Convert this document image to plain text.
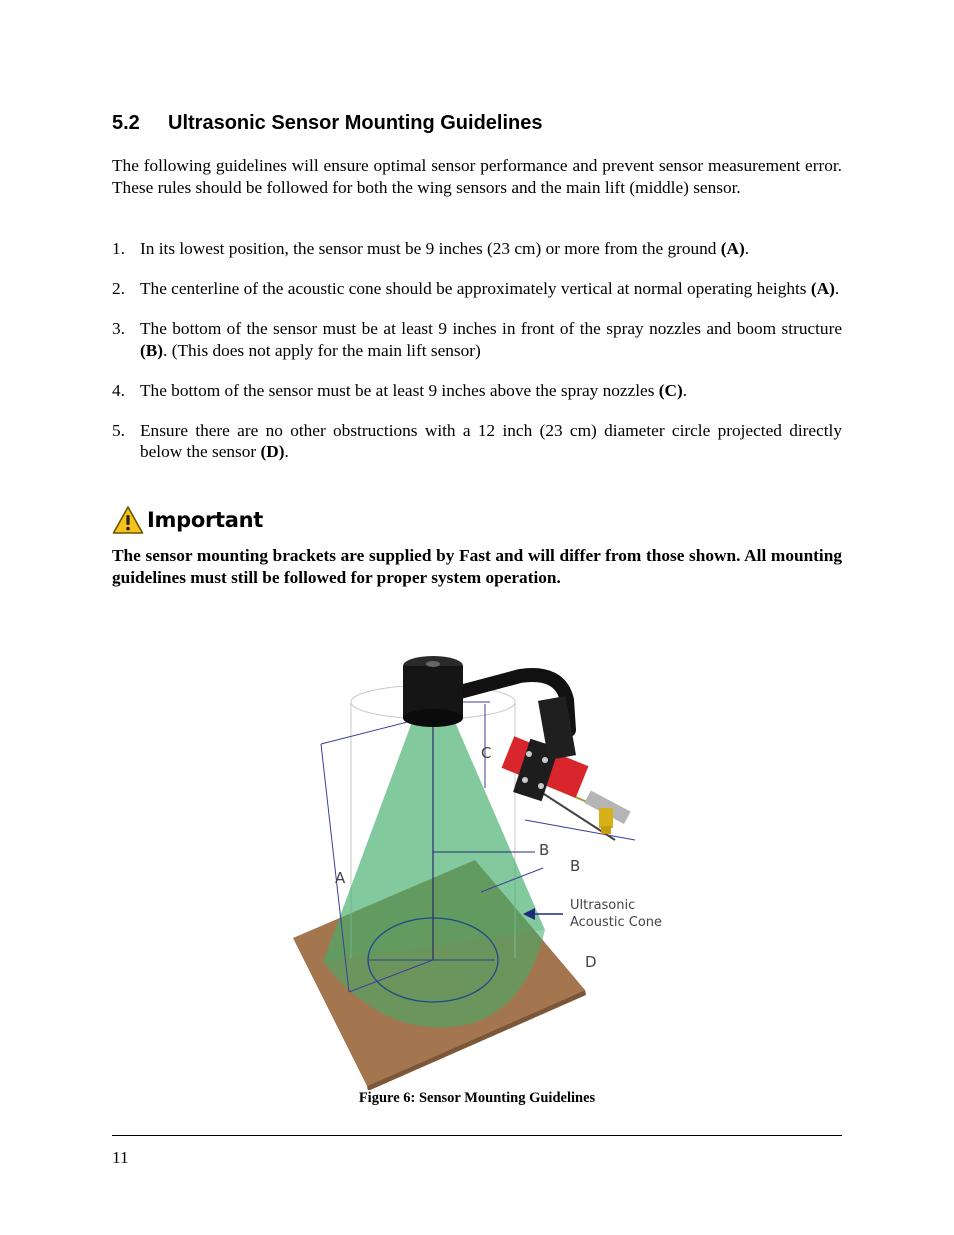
5.2 Ultrasonic Sensor Mounting Guidelines
The following guidelines will ensure optimal sensor performance and prevent sensor measurement error. These rules should be followed for both the wing sensors and the main lift (middle) sensor.
1. In its lowest position, the sensor must be 9 inches (23 cm) or more from the ground (A).
2. The centerline of the acoustic cone should be approximately vertical at normal operating heights (A).
3. The bottom of the sensor must be at least 9 inches in front of the spray nozzles and boom structure (B). (This does not apply for the main lift sensor)
4. The bottom of the sensor must be at least 9 inches above the spray nozzles (C).
5. Ensure there are no other obstructions with a 12 inch (23 cm) diameter circle projected directly below the sensor (D).
Important
The sensor mounting brackets are supplied by Fast and will differ from those shown. All mounting guidelines must still be followed for proper system operation.
C
B
B
A
D
Ultrasonic
Acoustic Cone
Figure 6: Sensor Mounting Guidelines
11
